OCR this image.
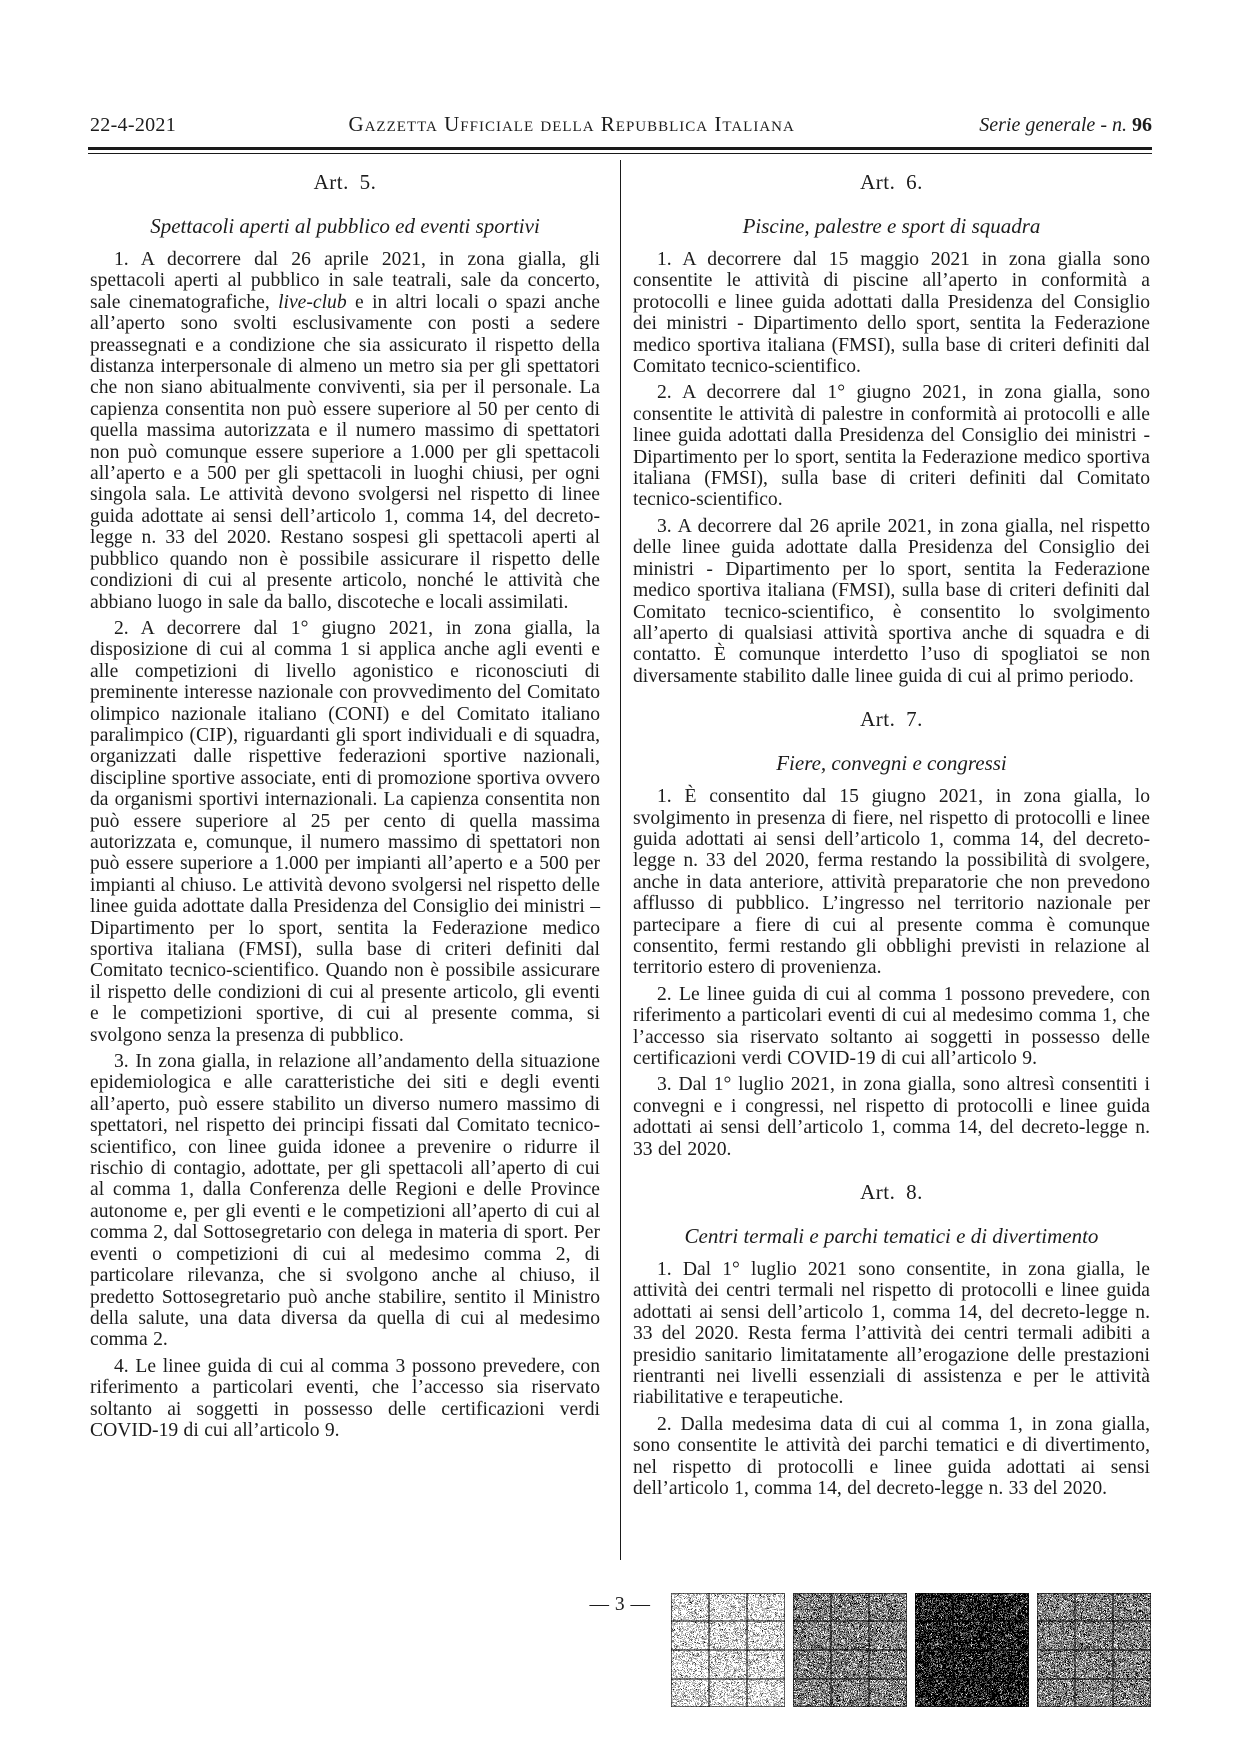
22-4-2021	Gazzetta Ufficiale della Repubblica Italiana	Serie generale - n. 96
Art. 5.
Spettacoli aperti al pubblico ed eventi sportivi

1. A decorrere dal 26 aprile 2021, in zona gialla, gli spettacoli aperti al pubblico in sale teatrali, sale da concerto, sale cinematografiche, live-club e in altri locali o spazi anche all’aperto sono svolti esclusivamente con posti a sedere preassegnati e a condizione che sia assicurato il rispetto della distanza interpersonale di almeno un metro sia per gli spettatori che non siano abitualmente conviventi, sia per il personale. La capienza consentita non può essere superiore al 50 per cento di quella massima autorizzata e il numero massimo di spettatori non può comunque essere superiore a 1.000 per gli spettacoli all’aperto e a 500 per gli spettacoli in luoghi chiusi, per ogni singola sala. Le attività devono svolgersi nel rispetto di linee guida adottate ai sensi dell’articolo 1, comma 14, del decreto-legge n. 33 del 2020. Restano sospesi gli spettacoli aperti al pubblico quando non è possibile assicurare il rispetto delle condizioni di cui al presente articolo, nonché le attività che abbiano luogo in sale da ballo, discoteche e locali assimilati.

2. A decorrere dal 1° giugno 2021, in zona gialla, la disposizione di cui al comma 1 si applica anche agli eventi e alle competizioni di livello agonistico e riconosciuti di preminente interesse nazionale con provvedimento del Comitato olimpico nazionale italiano (CONI) e del Comitato italiano paralimpico (CIP), riguardanti gli sport individuali e di squadra, organizzati dalle rispettive federazioni sportive nazionali, discipline sportive associate, enti di promozione sportiva ovvero da organismi sportivi internazionali. La capienza consentita non può essere superiore al 25 per cento di quella massima autorizzata e, comunque, il numero massimo di spettatori non può essere superiore a 1.000 per impianti all’aperto e a 500 per impianti al chiuso. Le attività devono svolgersi nel rispetto delle linee guida adottate dalla Presidenza del Consiglio dei ministri – Dipartimento per lo sport, sentita la Federazione medico sportiva italiana (FMSI), sulla base di criteri definiti dal Comitato tecnico-scientifico. Quando non è possibile assicurare il rispetto delle condizioni di cui al presente articolo, gli eventi e le competizioni sportive, di cui al presente comma, si svolgono senza la presenza di pubblico.

3. In zona gialla, in relazione all’andamento della situazione epidemiologica e alle caratteristiche dei siti e degli eventi all’aperto, può essere stabilito un diverso numero massimo di spettatori, nel rispetto dei principi fissati dal Comitato tecnico-scientifico, con linee guida idonee a prevenire o ridurre il rischio di contagio, adottate, per gli spettacoli all’aperto di cui al comma 1, dalla Conferenza delle Regioni e delle Province autonome e, per gli eventi e le competizioni all’aperto di cui al comma 2, dal Sottosegretario con delega in materia di sport. Per eventi o competizioni di cui al medesimo comma 2, di particolare rilevanza, che si svolgono anche al chiuso, il predetto Sottosegretario può anche stabilire, sentito il Ministro della salute, una data diversa da quella di cui al medesimo comma 2.

4. Le linee guida di cui al comma 3 possono prevedere, con riferimento a particolari eventi, che l’accesso sia riservato soltanto ai soggetti in possesso delle certificazioni verdi COVID-19 di cui all’articolo 9.

Art. 6.
Piscine, palestre e sport di squadra

1. A decorrere dal 15 maggio 2021 in zona gialla sono consentite le attività di piscine all’aperto in conformità a protocolli e linee guida adottati dalla Presidenza del Consiglio dei ministri - Dipartimento dello sport, sentita la Federazione medico sportiva italiana (FMSI), sulla base di criteri definiti dal Comitato tecnico-scientifico.

2. A decorrere dal 1° giugno 2021, in zona gialla, sono consentite le attività di palestre in conformità ai protocolli e alle linee guida adottati dalla Presidenza del Consiglio dei ministri - Dipartimento per lo sport, sentita la Federazione medico sportiva italiana (FMSI), sulla base di criteri definiti dal Comitato tecnico-scientifico.

3. A decorrere dal 26 aprile 2021, in zona gialla, nel rispetto delle linee guida adottate dalla Presidenza del Consiglio dei ministri - Dipartimento per lo sport, sentita la Federazione medico sportiva italiana (FMSI), sulla base di criteri definiti dal Comitato tecnico-scientifico, è consentito lo svolgimento all’aperto di qualsiasi attività sportiva anche di squadra e di contatto. È comunque interdetto l’uso di spogliatoi se non diversamente stabilito dalle linee guida di cui al primo periodo.

Art. 7.
Fiere, convegni e congressi

1. È consentito dal 15 giugno 2021, in zona gialla, lo svolgimento in presenza di fiere, nel rispetto di protocolli e linee guida adottati ai sensi dell’articolo 1, comma 14, del decreto-legge n. 33 del 2020, ferma restando la possibilità di svolgere, anche in data anteriore, attività preparatorie che non prevedono afflusso di pubblico. L’ingresso nel territorio nazionale per partecipare a fiere di cui al presente comma è comunque consentito, fermi restando gli obblighi previsti in relazione al territorio estero di provenienza.

2. Le linee guida di cui al comma 1 possono prevedere, con riferimento a particolari eventi di cui al medesimo comma 1, che l’accesso sia riservato soltanto ai soggetti in possesso delle certificazioni verdi COVID-19 di cui all’articolo 9.

3. Dal 1° luglio 2021, in zona gialla, sono altresì consentiti i convegni e i congressi, nel rispetto di protocolli e linee guida adottati ai sensi dell’articolo 1, comma 14, del decreto-legge n. 33 del 2020.

Art. 8.
Centri termali e parchi tematici e di divertimento

1. Dal 1° luglio 2021 sono consentite, in zona gialla, le attività dei centri termali nel rispetto di protocolli e linee guida adottati ai sensi dell’articolo 1, comma 14, del decreto-legge n. 33 del 2020. Resta ferma l’attività dei centri termali adibiti a presidio sanitario limitatamente all’erogazione delle prestazioni rientranti nei livelli essenziali di assistenza e per le attività riabilitative e terapeutiche.

2. Dalla medesima data di cui al comma 1, in zona gialla, sono consentite le attività dei parchi tematici e di divertimento, nel rispetto di protocolli e linee guida adottati ai sensi dell’articolo 1, comma 14, del decreto-legge n. 33 del 2020.

— 3 —
